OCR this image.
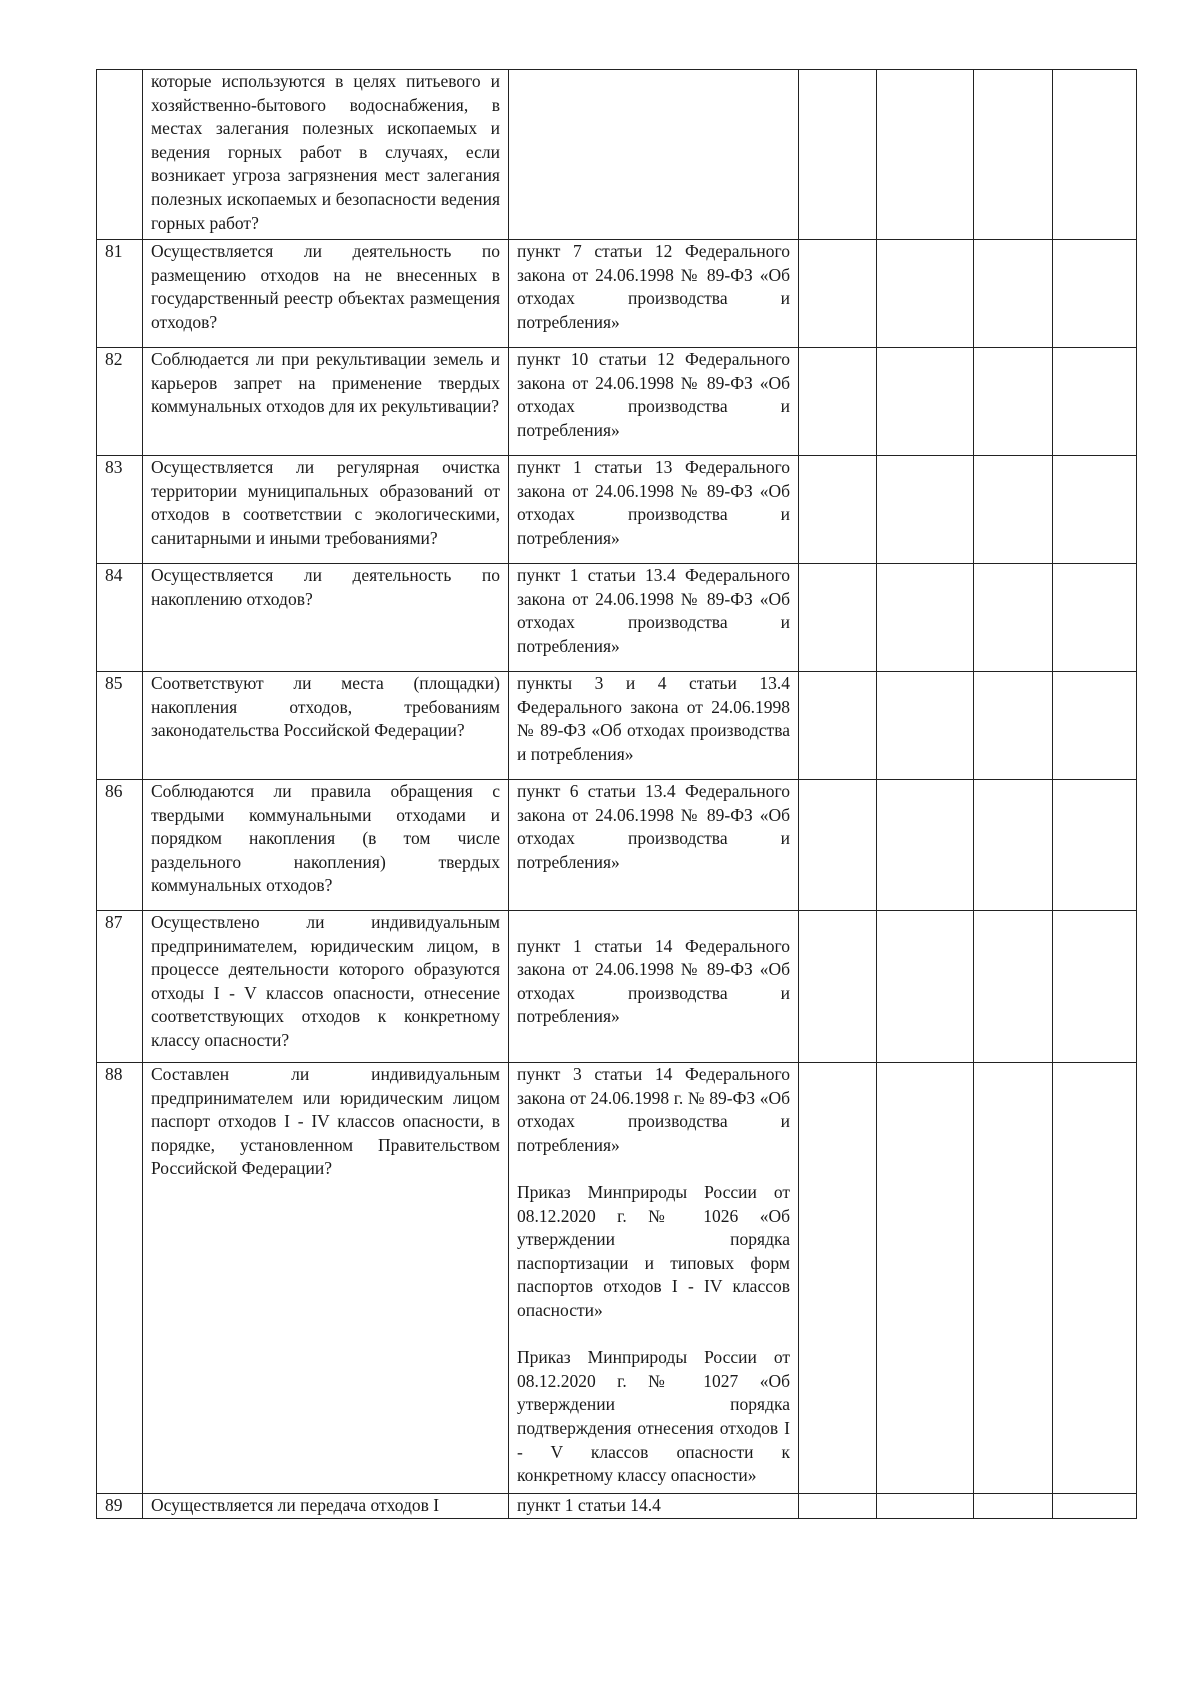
	которые используются в целях питьевого и хозяйственно-бытового водоснабжения, в местах залегания полезных ископаемых и ведения горных работ в случаях, если возникает угроза загрязнения мест залегания полезных ископаемых и безопасности ведения горных работ?					
81	Осуществляется ли деятельность по размещению отходов на не внесенных в государственный реестр объектах размещения отходов?	пункт 7 статьи 12 Федерального закона от 24.06.1998 № 89-ФЗ «Об отходах производства и потребления»				

82	Соблюдается ли при рекультивации земель и карьеров запрет на применение твердых коммунальных отходов для их рекультивации?	пункт 10 статьи 12 Федерального закона от 24.06.1998 № 89-ФЗ «Об отходах производства и потребления»				

83	Осуществляется ли регулярная очистка территории муниципальных образований от отходов в соответствии с экологическими, санитарными и иными требованиями?	пункт 1 статьи 13 Федерального закона от 24.06.1998 № 89-ФЗ «Об отходах производства и потребления»				

84	Осуществляется ли деятельность по накоплению отходов?	пункт 1 статьи 13.4 Федерального закона от 24.06.1998 № 89-ФЗ «Об отходах производства и потребления»				

85	Соответствуют ли места (площадки) накопления отходов, требованиям законодательства Российской Федерации?	пункты 3 и 4 статьи 13.4 Федерального закона от 24.06.1998 № 89-ФЗ «Об отходах производства и потребления»				

86	Соблюдаются ли правила обращения с твердыми коммунальными отходами и порядком накопления (в том числе раздельного накопления) твердых коммунальных отходов?	пункт 6 статьи 13.4 Федерального закона от 24.06.1998 № 89-ФЗ «Об отходах производства и потребления»				

87	Осуществлено ли индивидуальным предпринимателем, юридическим лицом, в процессе деятельности которого образуются отходы I - V классов опасности, отнесение соответствующих отходов к конкретному классу опасности?	пункт 1 статьи 14 Федерального закона от 24.06.1998 № 89-ФЗ «Об отходах производства и потребления»				

88	Составлен ли индивидуальным предпринимателем или юридическим лицом паспорт отходов I - IV классов опасности, в порядке, установленном Правительством Российской Федерации?	пункт 3 статьи 14 Федерального закона от 24.06.1998 г. № 89-ФЗ «Об отходах производства и потребления»
Приказ Минприроды России от 08.12.2020 г. № 1026 «Об утверждении порядка паспортизации и типовых форм паспортов отходов I - IV классов опасности»
Приказ Минприроды России от 08.12.2020 г. № 1027 «Об утверждении порядка подтверждения отнесения отходов I - V классов опасности к конкретному классу опасности»				

89	Осуществляется ли передача отходов I	пункт 1 статьи 14.4				
